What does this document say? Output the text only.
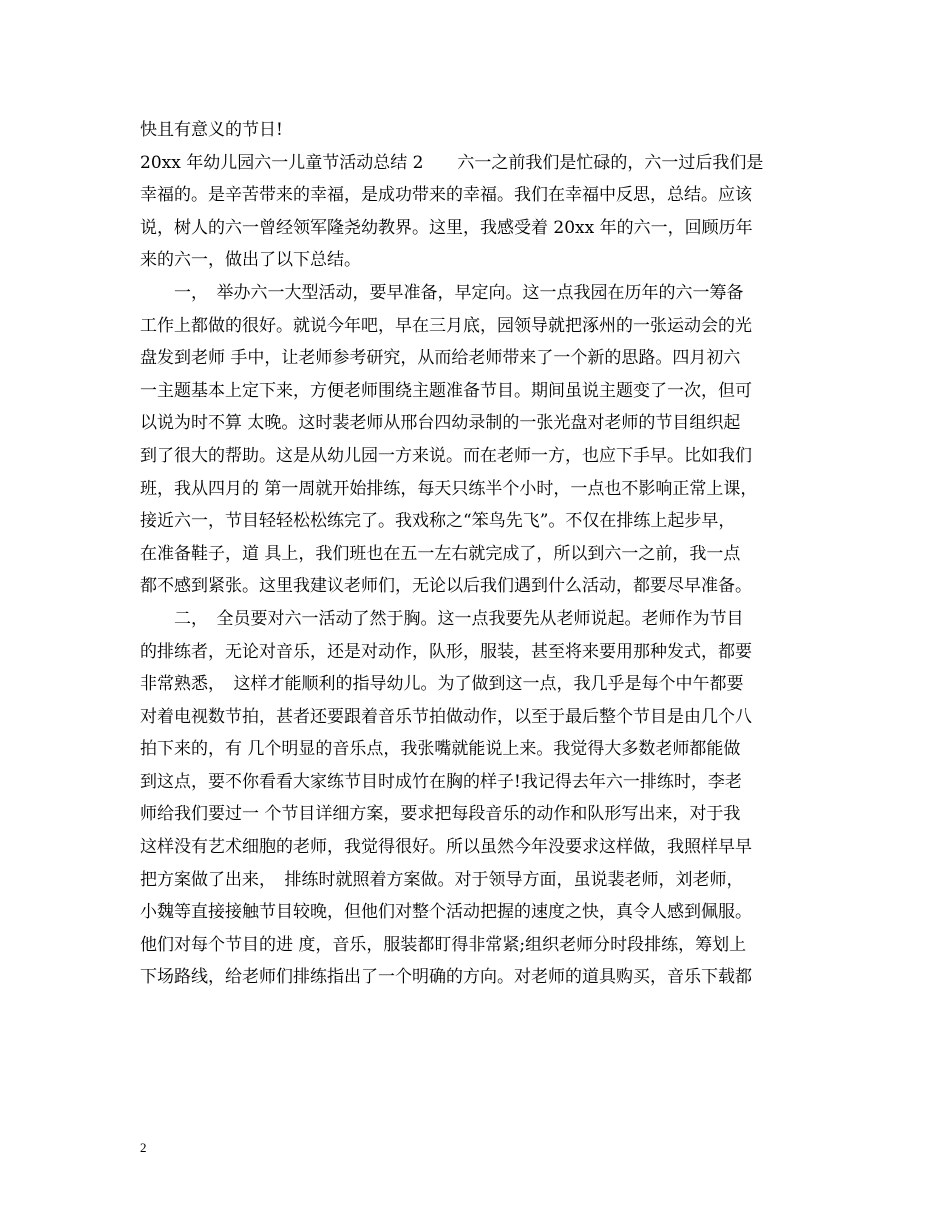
快且有意义的节日!
20xx 年幼儿园六一儿童节活动总结 2　　六一之前我们是忙碌的，六一过后我们是
幸福的。是辛苦带来的幸福，是成功带来的幸福。我们在幸福中反思，总结。应该
说，树人的六一曾经领军隆尧幼教界。这里，我感受着 20xx 年的六一，回顾历年
来的六一，做出了以下总结。
　　一，　举办六一大型活动，要早准备，早定向。这一点我园在历年的六一筹备
工作上都做的很好。就说今年吧，早在三月底，园领导就把涿州的一张运动会的光
盘发到老师 手中，让老师参考研究，从而给老师带来了一个新的思路。四月初六
一主题基本上定下来，方便老师围绕主题准备节目。期间虽说主题变了一次，但可
以说为时不算 太晚。这时裴老师从邢台四幼录制的一张光盘对老师的节目组织起
到了很大的帮助。这是从幼儿园一方来说。而在老师一方，也应下手早。比如我们
班，我从四月的 第一周就开始排练，每天只练半个小时，一点也不影响正常上课，
接近六一，节目轻轻松松练完了。我戏称之“笨鸟先飞”。不仅在排练上起步早，
在准备鞋子，道 具上，我们班也在五一左右就完成了，所以到六一之前，我一点
都不感到紧张。这里我建议老师们，无论以后我们遇到什么活动，都要尽早准备。
　　二，　全员要对六一活动了然于胸。这一点我要先从老师说起。老师作为节目
的排练者，无论对音乐，还是对动作，队形，服装，甚至将来要用那种发式，都要
非常熟悉，　这样才能顺利的指导幼儿。为了做到这一点，我几乎是每个中午都要
对着电视数节拍，甚者还要跟着音乐节拍做动作，以至于最后整个节目是由几个八
拍下来的，有 几个明显的音乐点，我张嘴就能说上来。我觉得大多数老师都能做
到这点，要不你看看大家练节目时成竹在胸的样子!我记得去年六一排练时，李老
师给我们要过一 个节目详细方案，要求把每段音乐的动作和队形写出来，对于我
这样没有艺术细胞的老师，我觉得很好。所以虽然今年没要求这样做，我照样早早
把方案做了出来，　排练时就照着方案做。对于领导方面，虽说裴老师，刘老师，
小魏等直接接触节目较晚，但他们对整个活动把握的速度之快，真令人感到佩服。
他们对每个节目的进 度，音乐，服装都盯得非常紧;组织老师分时段排练，筹划上
下场路线，给老师们排练指出了一个明确的方向。对老师的道具购买，音乐下载都
2
